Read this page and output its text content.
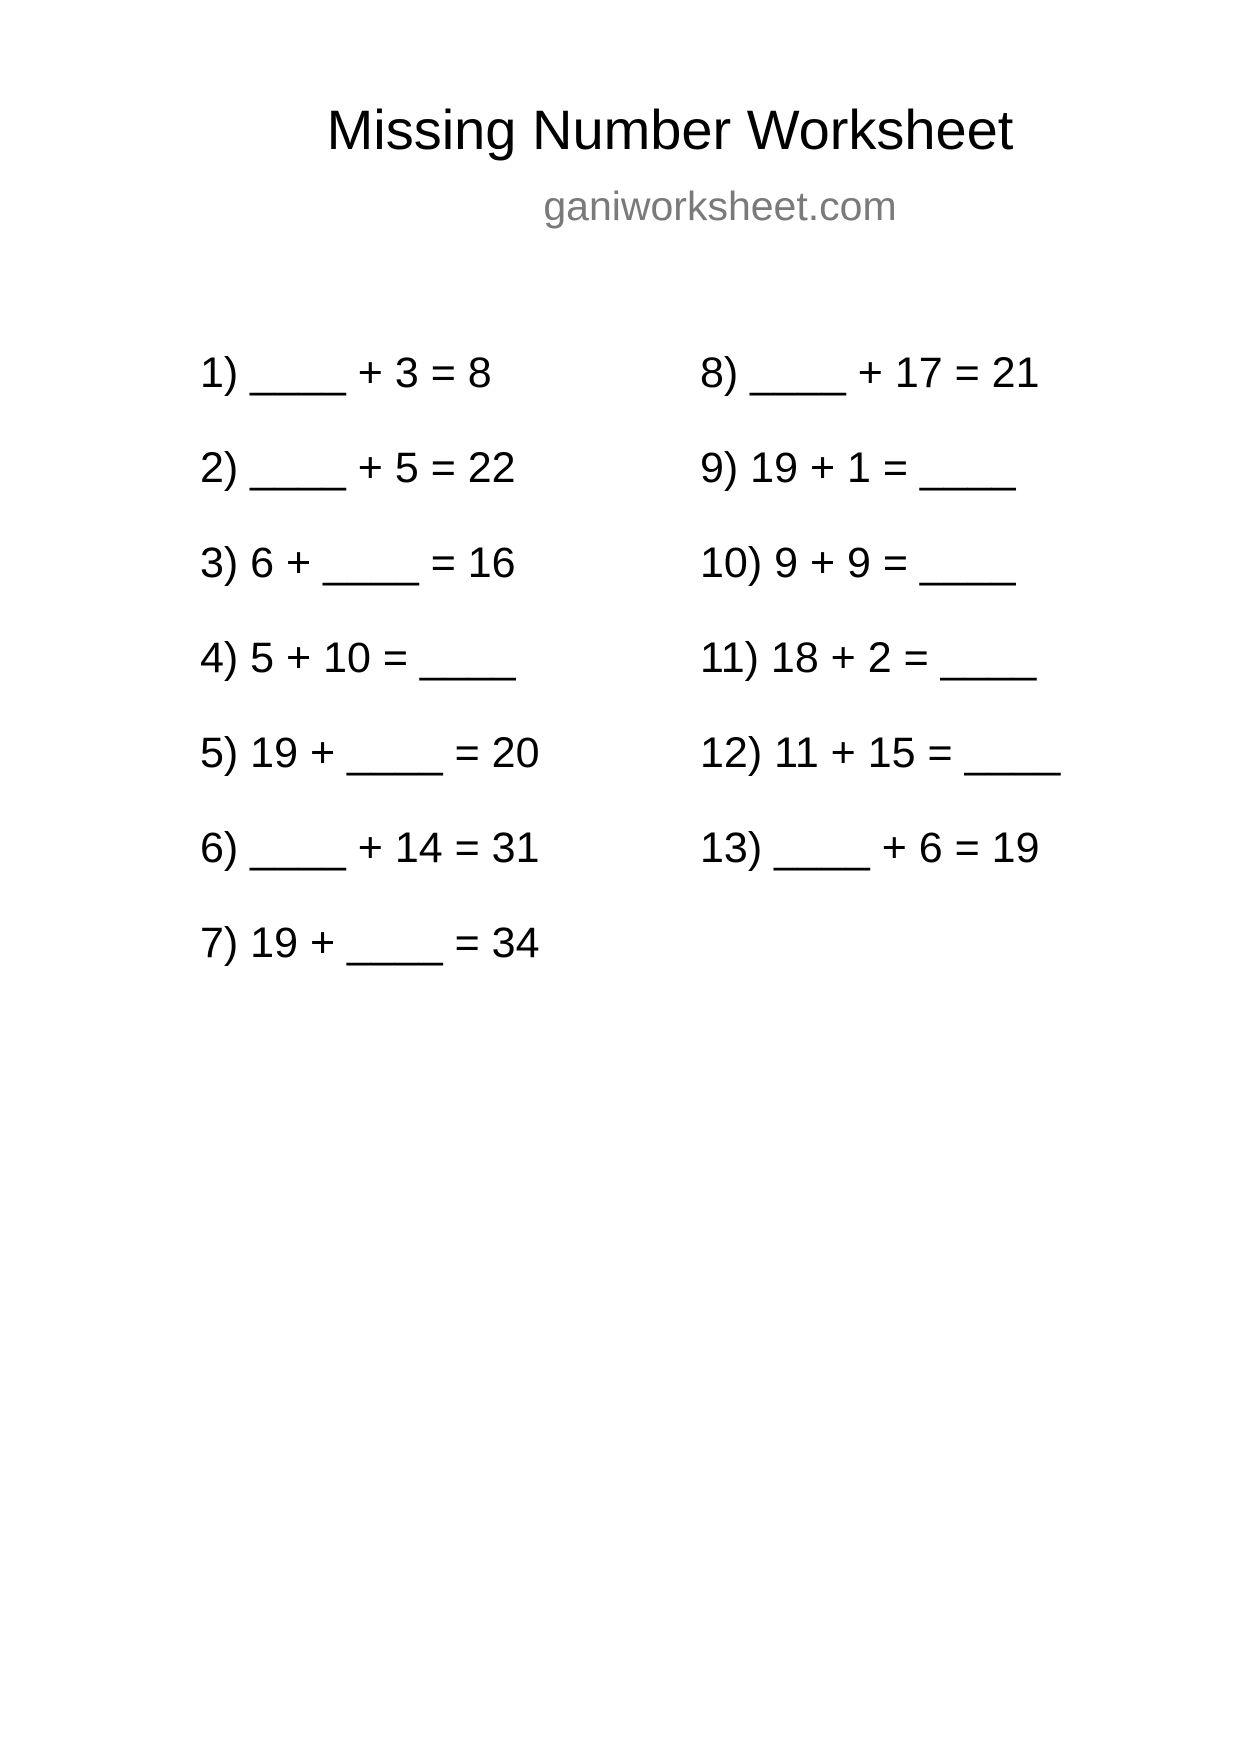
Missing Number Worksheet
ganiworksheet.com
1) ____ + 3 = 8
2) ____ + 5 = 22
3) 6 + ____ = 16
4) 5 + 10 = ____
5) 19 + ____ = 20
6) ____ + 14 = 31
7) 19 + ____ = 34
8) ____ + 17 = 21
9) 19 + 1 = ____
10) 9 + 9 = ____
11) 18 + 2 = ____
12) 11 + 15 = ____
13) ____ + 6 = 19
